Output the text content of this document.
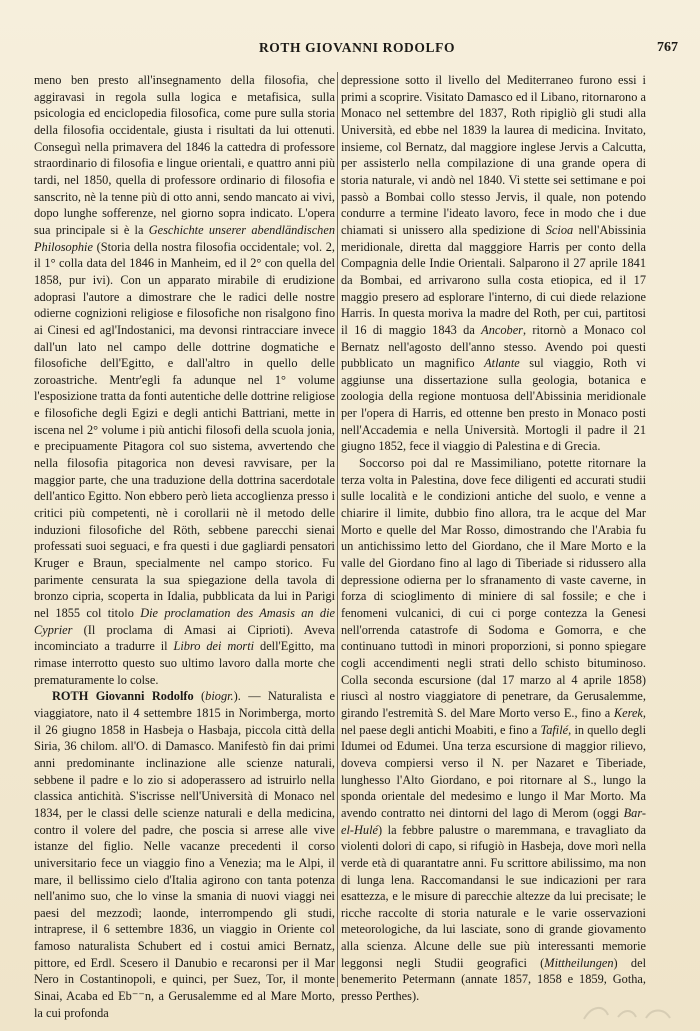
ROTH GIOVANNI RODOLFO	767

meno ben presto all'insegnamento della filosofia, che aggiravasi in regola sulla logica e metafisica, sulla psicologia ed enciclopedia filosofica, come pure sulla storia della filosofia occidentale, giusta i risultati da lui ottenuti. Conseguì nella primavera del 1846 la cattedra di professore straordinario di filosofia e lingue orientali, e quattro anni più tardi, nel 1850, quella di professore ordinario di filosofia e sanscrito, nè la tenne più di otto anni, sendo mancato ai vivi, dopo lunghe sofferenze, nel giorno sopra indicato. L'opera sua principale si è la Geschichte unserer abendländischen Philosophie (Storia della nostra filosofia occidentale; vol. 2, il 1° colla data del 1846 in Manheim, ed il 2° con quella del 1858, pur ivi). Con un apparato mirabile di erudizione adoprasi l'autore a dimostrare che le radici delle nostre odierne cognizioni religiose e filosofiche non risalgono fino ai Cinesi ed agl'Indostanici, ma devonsi rintracciare invece dall'un lato nel campo delle dottrine dogmatiche e filosofiche dell'Egitto, e dall'altro in quello delle zoroastriche. Mentr'egli fa adunque nel 1° volume l'esposizione tratta da fonti autentiche delle dottrine religiose e filosofiche degli Egizi e degli antichi Battriani, mette in iscena nel 2° volume i più antichi filosofi della scuola jonia, e precipuamente Pitagora col suo sistema, avvertendo che nella filosofia pitagorica non devesi ravvisare, per la maggior parte, che una traduzione della dottrina sacerdotale dell'antico Egitto. Non ebbero però lieta accoglienza presso i critici più competenti, nè i corollarii nè il metodo delle induzioni filosofiche del Röth, sebbene parecchi sienai professati suoi seguaci, e fra questi i due gagliardi pensatori Kruger e Braun, specialmente nel campo storico. Fu parimente censurata la sua spiegazione della tavola di bronzo cipria, scoperta in Idalia, pubblicata da lui in Parigi nel 1855 col titolo Die proclamation des Amasis an die Cyprier (Il proclama di Amasi ai Ciprioti). Aveva incominciato a tradurre il Libro dei morti dell'Egitto, ma rimase interrotto questo suo ultimo lavoro dalla morte che prematuramente lo colse.

ROTH Giovanni Rodolfo (biogr.). — Naturalista e viaggiatore, nato il 4 settembre 1815 in Norimberga, morto il 26 giugno 1858 in Hasbeja o Hasbaja, piccola città della Siria, 36 chilom. all'O. di Damasco. Manifestò fin dai primi anni predominante inclinazione alle scienze naturali, sebbene il padre e lo zio si adoperassero ad istruirlo nella classica antichità. S'iscrisse nell'Università di Monaco nel 1834, per le classi delle scienze naturali e della medicina, contro il volere del padre, che poscia si arrese alle vive istanze del figlio. Nelle vacanze precedenti il corso universitario fece un viaggio fino a Venezia; ma le Alpi, il mare, il bellissimo cielo d'Italia agirono con tanta potenza nell'animo suo, che lo vinse la smania di nuovi viaggi nei paesi del mezzodì; laonde, interrompendo gli studi, intraprese, il 6 settembre 1836, un viaggio in Oriente col famoso naturalista Schubert ed i costui amici Bernatz, pittore, ed Erdl. Scesero il Danubio e recaronsi per il Mar Nero in Costantinopoli, e quinci, per Suez, Tor, il monte Sinai, Acaba ed Eb⁻⁻n, a Gerusalemme ed al Mare Morto, la cui profonda

depressione sotto il livello del Mediterraneo furono essi i primi a scoprire. Visitato Damasco ed il Libano, ritornarono a Monaco nel settembre del 1837, Roth ripigliò gli studi alla Università, ed ebbe nel 1839 la laurea di medicina. Invitato, insieme, col Bernatz, dal maggiore inglese Jervis a Calcutta, per assisterlo nella compilazione di una grande opera di storia naturale, vi andò nel 1840. Vi stette sei settimane e poi passò a Bombai collo stesso Jervis, il quale, non potendo condurre a termine l'ideato lavoro, fece in modo che i due chiamati si unissero alla spedizione di Scioa nell'Abissinia meridionale, diretta dal magggiore Harris per conto della Compagnia delle Indie Orientali. Salparono il 27 aprile 1841 da Bombai, ed arrivarono sulla costa etiopica, ed il 17 maggio presero ad esplorare l'interno, di cui diede relazione Harris. In questa moriva la madre del Roth, per cui, partitosi il 16 di maggio 1843 da Ancober, ritornò a Monaco col Bernatz nell'agosto dell'anno stesso. Avendo poi questi pubblicato un magnifico Atlante sul viaggio, Roth vi aggiunse una dissertazione sulla geologia, botanica e zoologia della regione montuosa dell'Abissinia meridionale per l'opera di Harris, ed ottenne ben presto in Monaco posti nell'Accademia e nella Università. Mortogli il padre il 21 giugno 1852, fece il viaggio di Palestina e di Grecia.

Soccorso poi dal re Massimiliano, potette ritornare la terza volta in Palestina, dove fece diligenti ed accurati studii sulle località e le condizioni antiche del suolo, e venne a chiarire il limite, dubbio fino allora, tra le acque del Mar Morto e quelle del Mar Rosso, dimostrando che l'Arabia fu un antichissimo letto del Giordano, che il Mare Morto e la valle del Giordano fino al lago di Tiberiade si ridussero alla depressione odierna per lo sfranamento di vaste caverne, in forza di scioglimento di miniere di sal fossile; e che i fenomeni vulcanici, di cui ci porge contezza la Genesi nell'orrenda catastrofe di Sodoma e Gomorra, e che continuano tuttodì in minori proporzioni, si ponno spiegare cogli accendimenti negli strati dello schisto bituminoso. Colla seconda escursione (dal 17 marzo al 4 aprile 1858) riuscì al nostro viaggiatore di penetrare, da Gerusalemme, girando l'estremità S. del Mare Morto verso E., fino a Kerek, nel paese degli antichi Moabiti, e fino a Tafilé, in quello degli Idumei od Edumei. Una terza escursione di maggior rilievo, doveva compiersi verso il N. per Nazaret e Tiberiade, lunghesso l'Alto Giordano, e poi ritornare al S., lungo la sponda orientale del medesimo e lungo il Mar Morto. Ma avendo contratto nei dintorni del lago di Merom (oggi Bar-el-Hulé) la febbre palustre o maremmana, e travagliato da violenti dolori di capo, si rifugiò in Hasbeja, dove morì nella verde età di quarantatre anni. Fu scrittore abilissimo, ma non di lunga lena. Raccomandansi le sue indicazioni per rara esattezza, e le misure di parecchie altezze da lui precisate; le ricche raccolte di storia naturale e le varie osservazioni meteorologiche, da lui lasciate, sono di grande giovamento alla scienza. Alcune delle sue più interessanti memorie leggonsi negli Studii geografici (Mittheilungen) del benemerito Petermann (annate 1857, 1858 e 1859, Gotha, presso Perthes).
